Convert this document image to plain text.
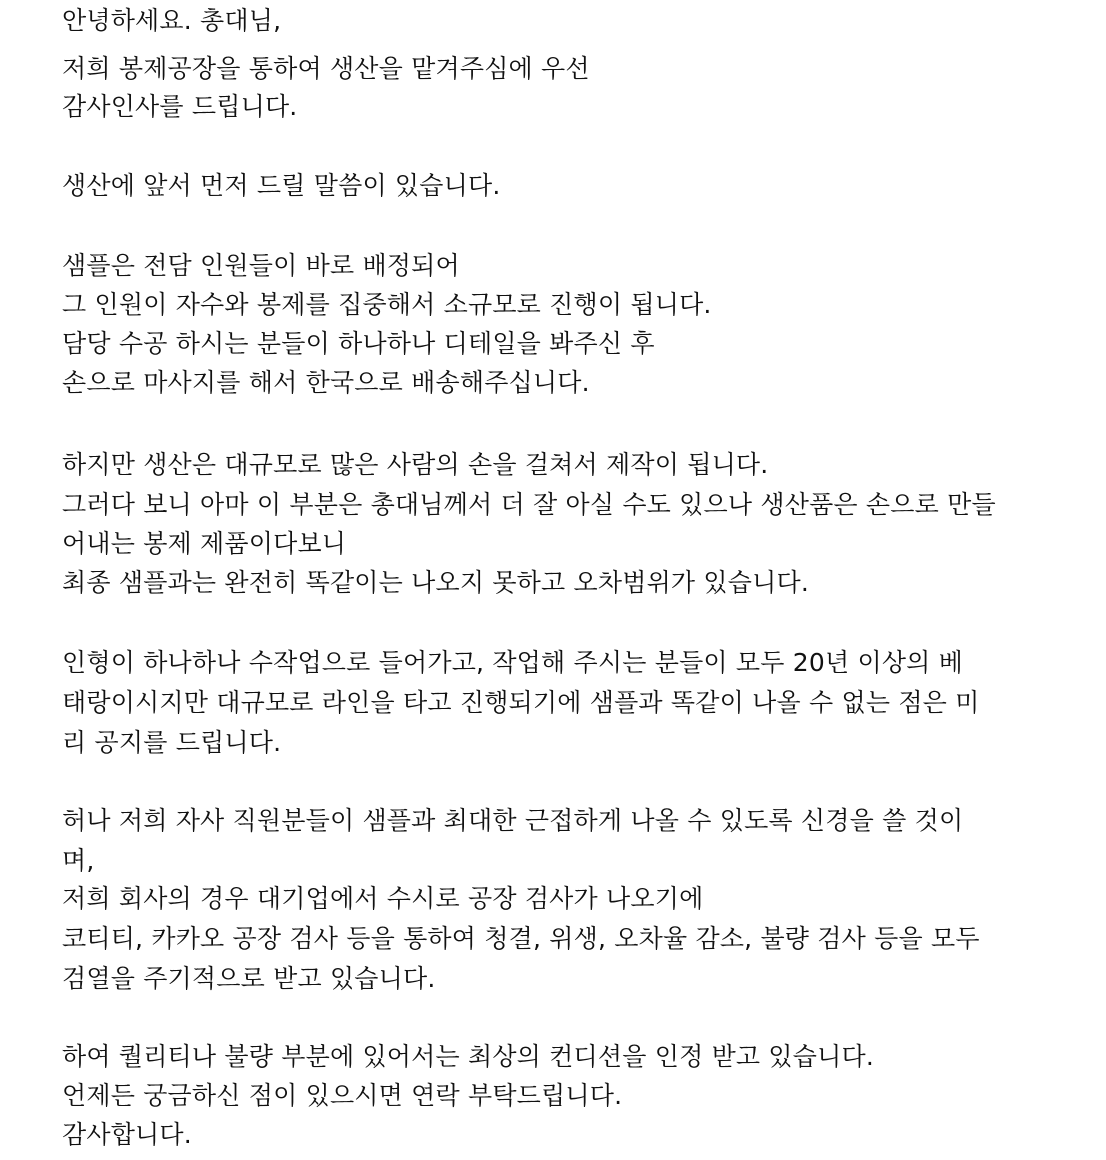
안녕하세요. 총대님,

저희 봉제공장을 통하여 생산을 맡겨주심에 우선

감사인사를 드립니다.

생산에 앞서 먼저 드릴 말씀이 있습니다.

샘플은 전담 인원들이 바로 배정되어

그 인원이 자수와 봉제를 집중해서 소규모로 진행이 됩니다.

담당 수공 하시는 분들이 하나하나 디테일을 봐주신 후

손으로 마사지를 해서 한국으로 배송해주십니다.

하지만 생산은 대규모로 많은 사람의 손을 걸쳐서 제작이 됩니다.

그러다 보니 아마 이 부분은 총대님께서 더 잘 아실 수도 있으나 생산품은 손으로 만들

어내는 봉제 제품이다보니

최종 샘플과는 완전히 똑같이는 나오지 못하고 오차범위가 있습니다.

인형이 하나하나 수작업으로 들어가고, 작업해 주시는 분들이 모두 20년 이상의 베

태랑이시지만 대규모로 라인을 타고 진행되기에 샘플과 똑같이 나올 수 없는 점은 미

리 공지를 드립니다.

허나 저희 자사 직원분들이 샘플과 최대한 근접하게 나올 수 있도록 신경을 쓸 것이

며,

저희 회사의 경우 대기업에서 수시로 공장 검사가 나오기에

코티티, 카카오 공장 검사 등을 통하여 청결, 위생, 오차율 감소, 불량 검사 등을 모두

검열을 주기적으로 받고 있습니다.

하여 퀄리티나 불량 부분에 있어서는 최상의 컨디션을 인정 받고 있습니다.

언제든 궁금하신 점이 있으시면 연락 부탁드립니다.

감사합니다.
